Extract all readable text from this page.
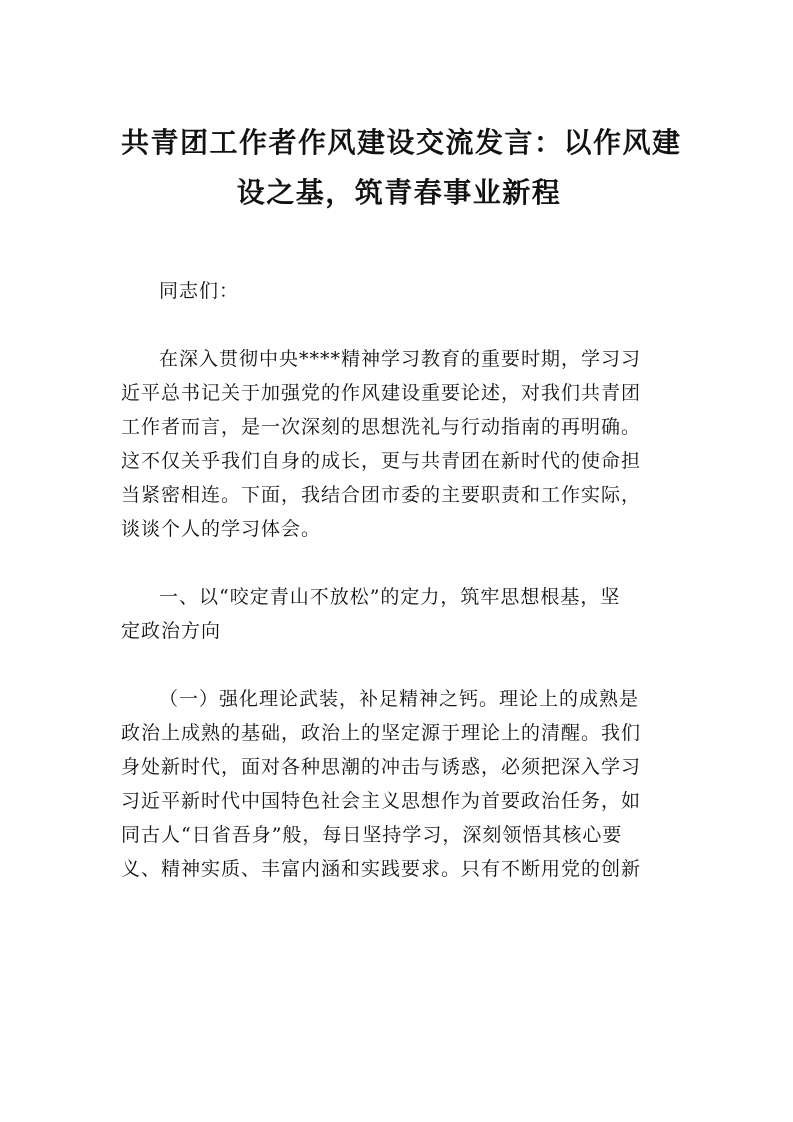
共青团工作者作风建设交流发言：以作风建
设之基，筑青春事业新程

同志们：

在深入贯彻中央****精神学习教育的重要时期，学习习
近平总书记关于加强党的作风建设重要论述，对我们共青团
工作者而言，是一次深刻的思想洗礼与行动指南的再明确。
这不仅关乎我们自身的成长，更与共青团在新时代的使命担
当紧密相连。下面，我结合团市委的主要职责和工作实际，
谈谈个人的学习体会。

一、以“咬定青山不放松”的定力，筑牢思想根基，坚
定政治方向

（一）强化理论武装，补足精神之钙。理论上的成熟是
政治上成熟的基础，政治上的坚定源于理论上的清醒。我们
身处新时代，面对各种思潮的冲击与诱惑，必须把深入学习
习近平新时代中国特色社会主义思想作为首要政治任务，如
同古人“日省吾身”般，每日坚持学习，深刻领悟其核心要
义、精神实质、丰富内涵和实践要求。只有不断用党的创新
